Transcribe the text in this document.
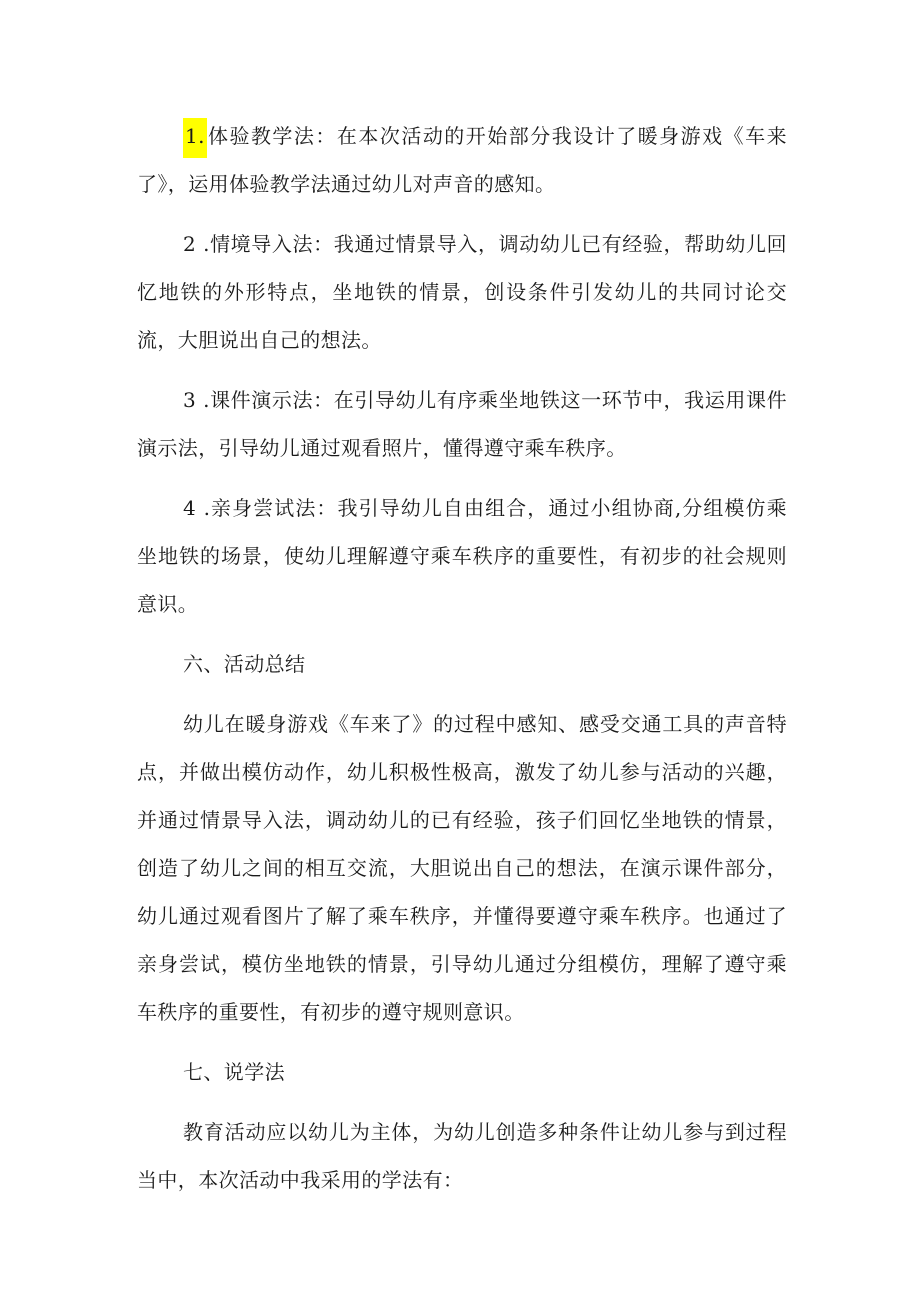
1. 体验教学法：在本次活动的开始部分我设计了暖身游戏《车来了》，运用体验教学法通过幼儿对声音的感知。

2 .情境导入法：我通过情景导入，调动幼儿已有经验，帮助幼儿回忆地铁的外形特点，坐地铁的情景，创设条件引发幼儿的共同讨论交流，大胆说出自己的想法。

3 .课件演示法：在引导幼儿有序乘坐地铁这一环节中，我运用课件演示法，引导幼儿通过观看照片，懂得遵守乘车秩序。

4 .亲身尝试法：我引导幼儿自由组合，通过小组协商,分组模仿乘坐地铁的场景，使幼儿理解遵守乘车秩序的重要性，有初步的社会规则意识。

六、活动总结

幼儿在暖身游戏《车来了》的过程中感知、感受交通工具的声音特点，并做出模仿动作，幼儿积极性极高，激发了幼儿参与活动的兴趣，并通过情景导入法，调动幼儿的已有经验，孩子们回忆坐地铁的情景，创造了幼儿之间的相互交流，大胆说出自己的想法，在演示课件部分，幼儿通过观看图片了解了乘车秩序，并懂得要遵守乘车秩序。也通过了亲身尝试，模仿坐地铁的情景，引导幼儿通过分组模仿，理解了遵守乘车秩序的重要性，有初步的遵守规则意识。

七、说学法

教育活动应以幼儿为主体，为幼儿创造多种条件让幼儿参与到过程当中，本次活动中我采用的学法有：
